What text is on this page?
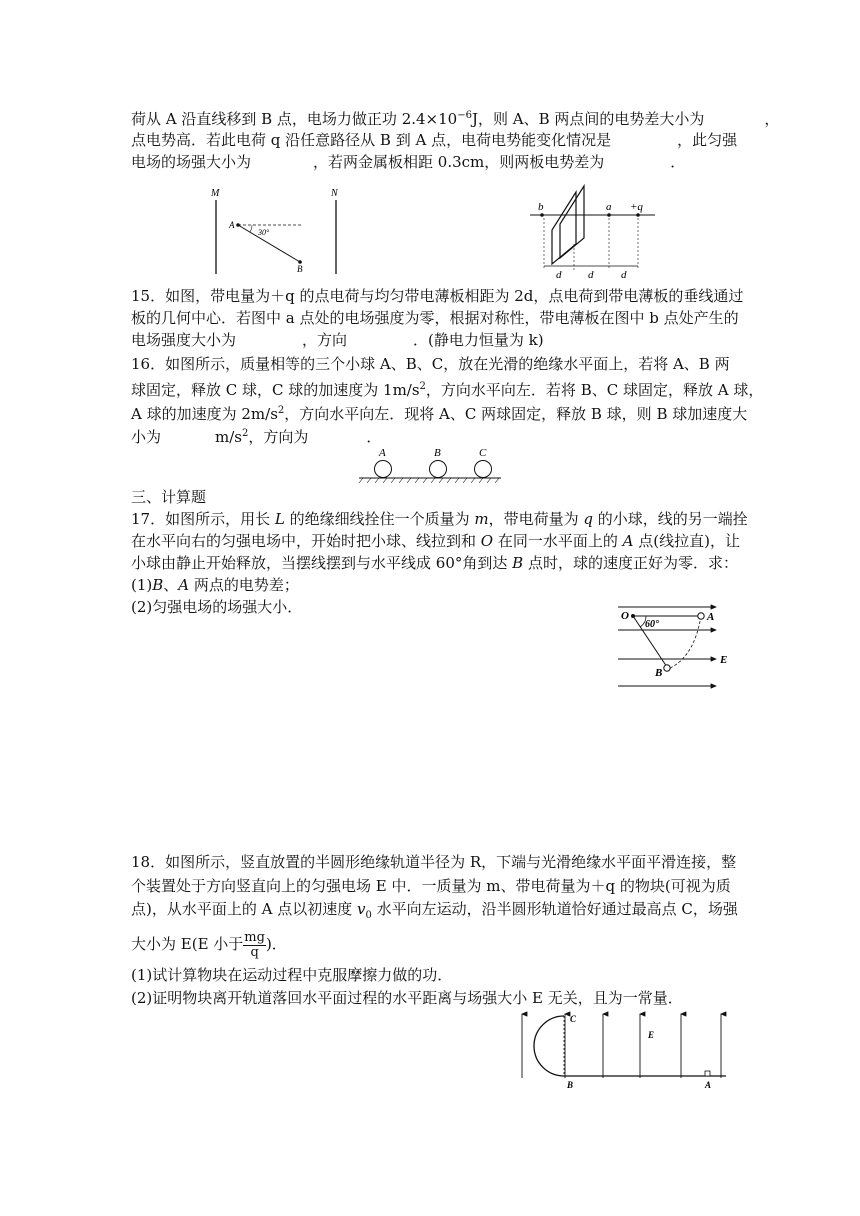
荷从 A 沿直线移到 B 点，电场力做正功 $2.4\times 10^{-6}J$，则 A、B 两点间的电势差大小为	，
点电势高．若此电荷 q 沿任意路径从 B 到 A 点，电荷电势能变化情况是	，此匀强
电场的场强大小为	，若两金属板相距 0.3cm，则两板电势差为	．
M	N
A
B
30°
b	a +q
d d	d
15．如图，带电量为＋q 的点电荷与均匀带电薄板相距为 2d，点电荷到带电薄板的垂线通过
板的几何中心．若图中 a 点处的电场强度为零，根据对称性，带电薄板在图中 b 点处产生的
电场强度大小为	，方向	．(静电力恒量为 k)
16．如图所示，质量相等的三个小球 A、B、C，放在光滑的绝缘水平面上，若将 A、B 两
球固定，释放 C 球，C 球的加速度为 $1m/s^2$，方向水平向左．若将 B、C 球固定，释放 A 球，
A 球的加速度为 $2m/s^2$，方向水平向左．现将 A、C 两球固定，释放 B 球，则 B 球加速度大
小为	$m/s^2$，方向为	．
A	B	C
三、计算题
17．如图所示，用长 L 的绝缘细线拴住一个质量为 m，带电荷量为 q 的小球，线的另一端拴
在水平向右的匀强电场中，开始时把小球、线拉到和 O 在同一水平面上的 A 点(线拉直)，让
小球由静止开始释放，当摆线摆到与水平线成 60°角到达 B 点时，球的速度正好为零．求：
(1)B、A 两点的电势差；
(2)匀强电场的场强大小．	O	A
B
E
60°
18．如图所示，竖直放置的半圆形绝缘轨道半径为 R，下端与光滑绝缘水平面平滑连接，整
个装置处于方向竖直向上的匀强电场 E 中．一质量为 m、带电荷量为＋q 的物块(可视为质
点)，从水平面上的 A 点以初速度 $v_0$ 水平向左运动，沿半圆形轨道恰好通过最高点 C，场强
大小为 E(E 小于 $\frac{mg}{q}$ )．
(1)试计算物块在运动过程中克服摩擦力做的功．
(2)证明物块离开轨道落回水平面过程的水平距离与场强大小 E 无关，且为一常量．
C
E
B	A
